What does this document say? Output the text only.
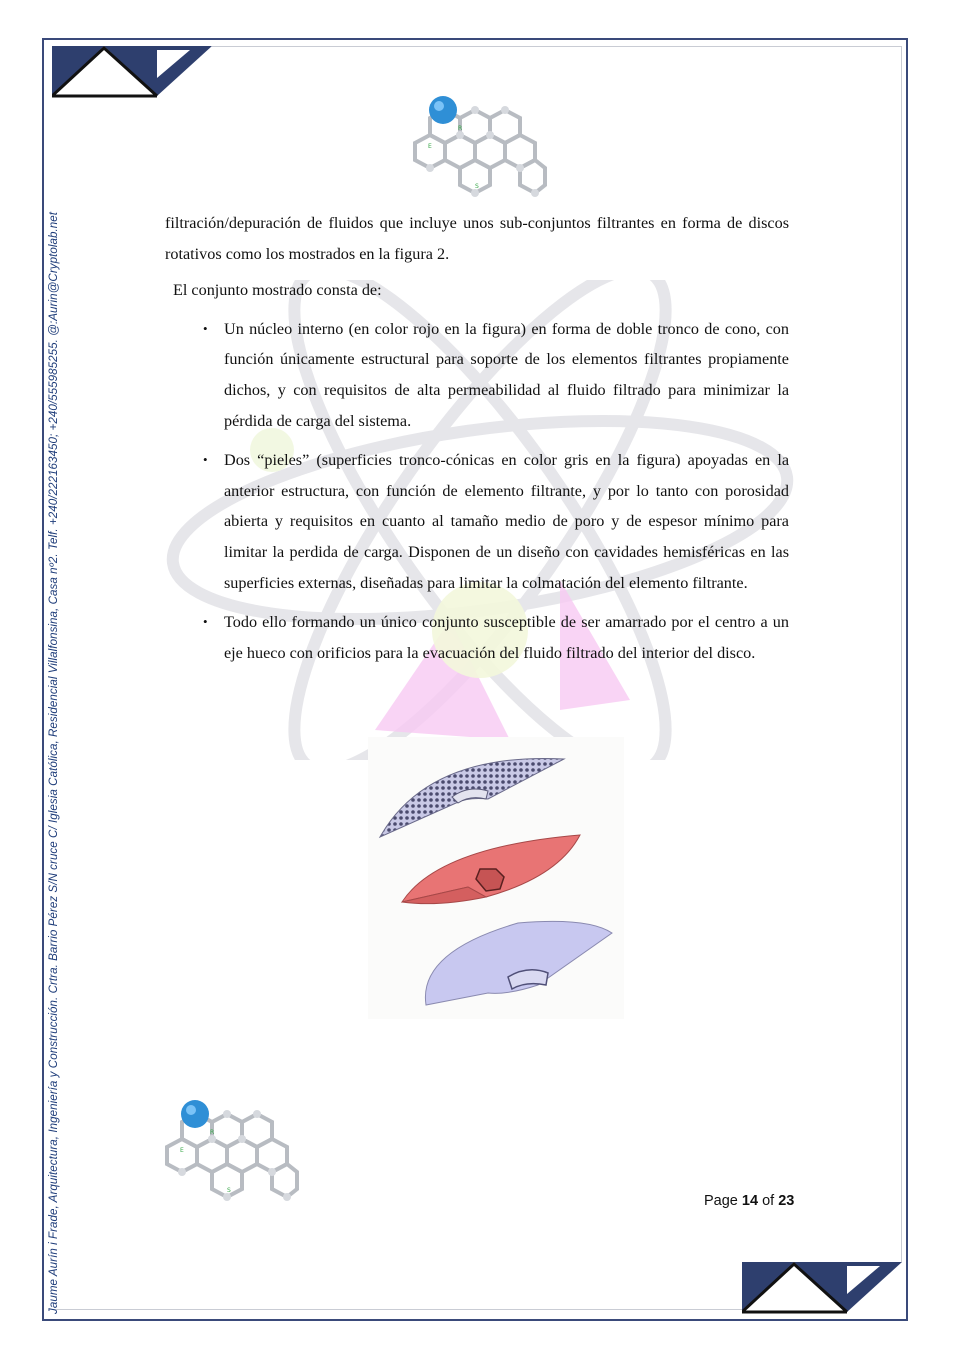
Jaume Aurín i Frade, Arquitectura, Ingeniería y Construcción. Crtra. Barrio Pérez S/N cruce C/ Iglesia Católica, Residencial Villalfonsina, Casa nº2. Telf. +240/222163450; +240/555985255. @:Aurin@Cryptolab.net
E
R
S
E
R
S

filtración/depuración de fluidos que incluye unos sub-conjuntos filtrantes en forma de discos rotativos como los mostrados en la figura 2.

El conjunto mostrado consta de:

• Un núcleo interno (en color rojo en la figura) en forma de doble tronco de cono, con función únicamente estructural para soporte de los elementos filtrantes propiamente dichos, y con requisitos de alta permeabilidad al fluido filtrado para minimizar la pérdida de carga del sistema.
• Dos “pieles” (superficies tronco-cónicas en color gris en la figura) apoyadas en la anterior estructura, con función de elemento filtrante, y por lo tanto con porosidad abierta y requisitos en cuanto al tamaño medio de poro y de espesor mínimo para limitar la perdida de carga. Disponen de un diseño con cavidades hemisféricas en las superficies externas, diseñadas para limitar la colmatación del elemento filtrante.
• Todo ello formando un único conjunto susceptible de ser amarrado por el centro a un eje hueco con orificios para la evacuación del fluido filtrado del interior del disco.
Page 14 of 23
